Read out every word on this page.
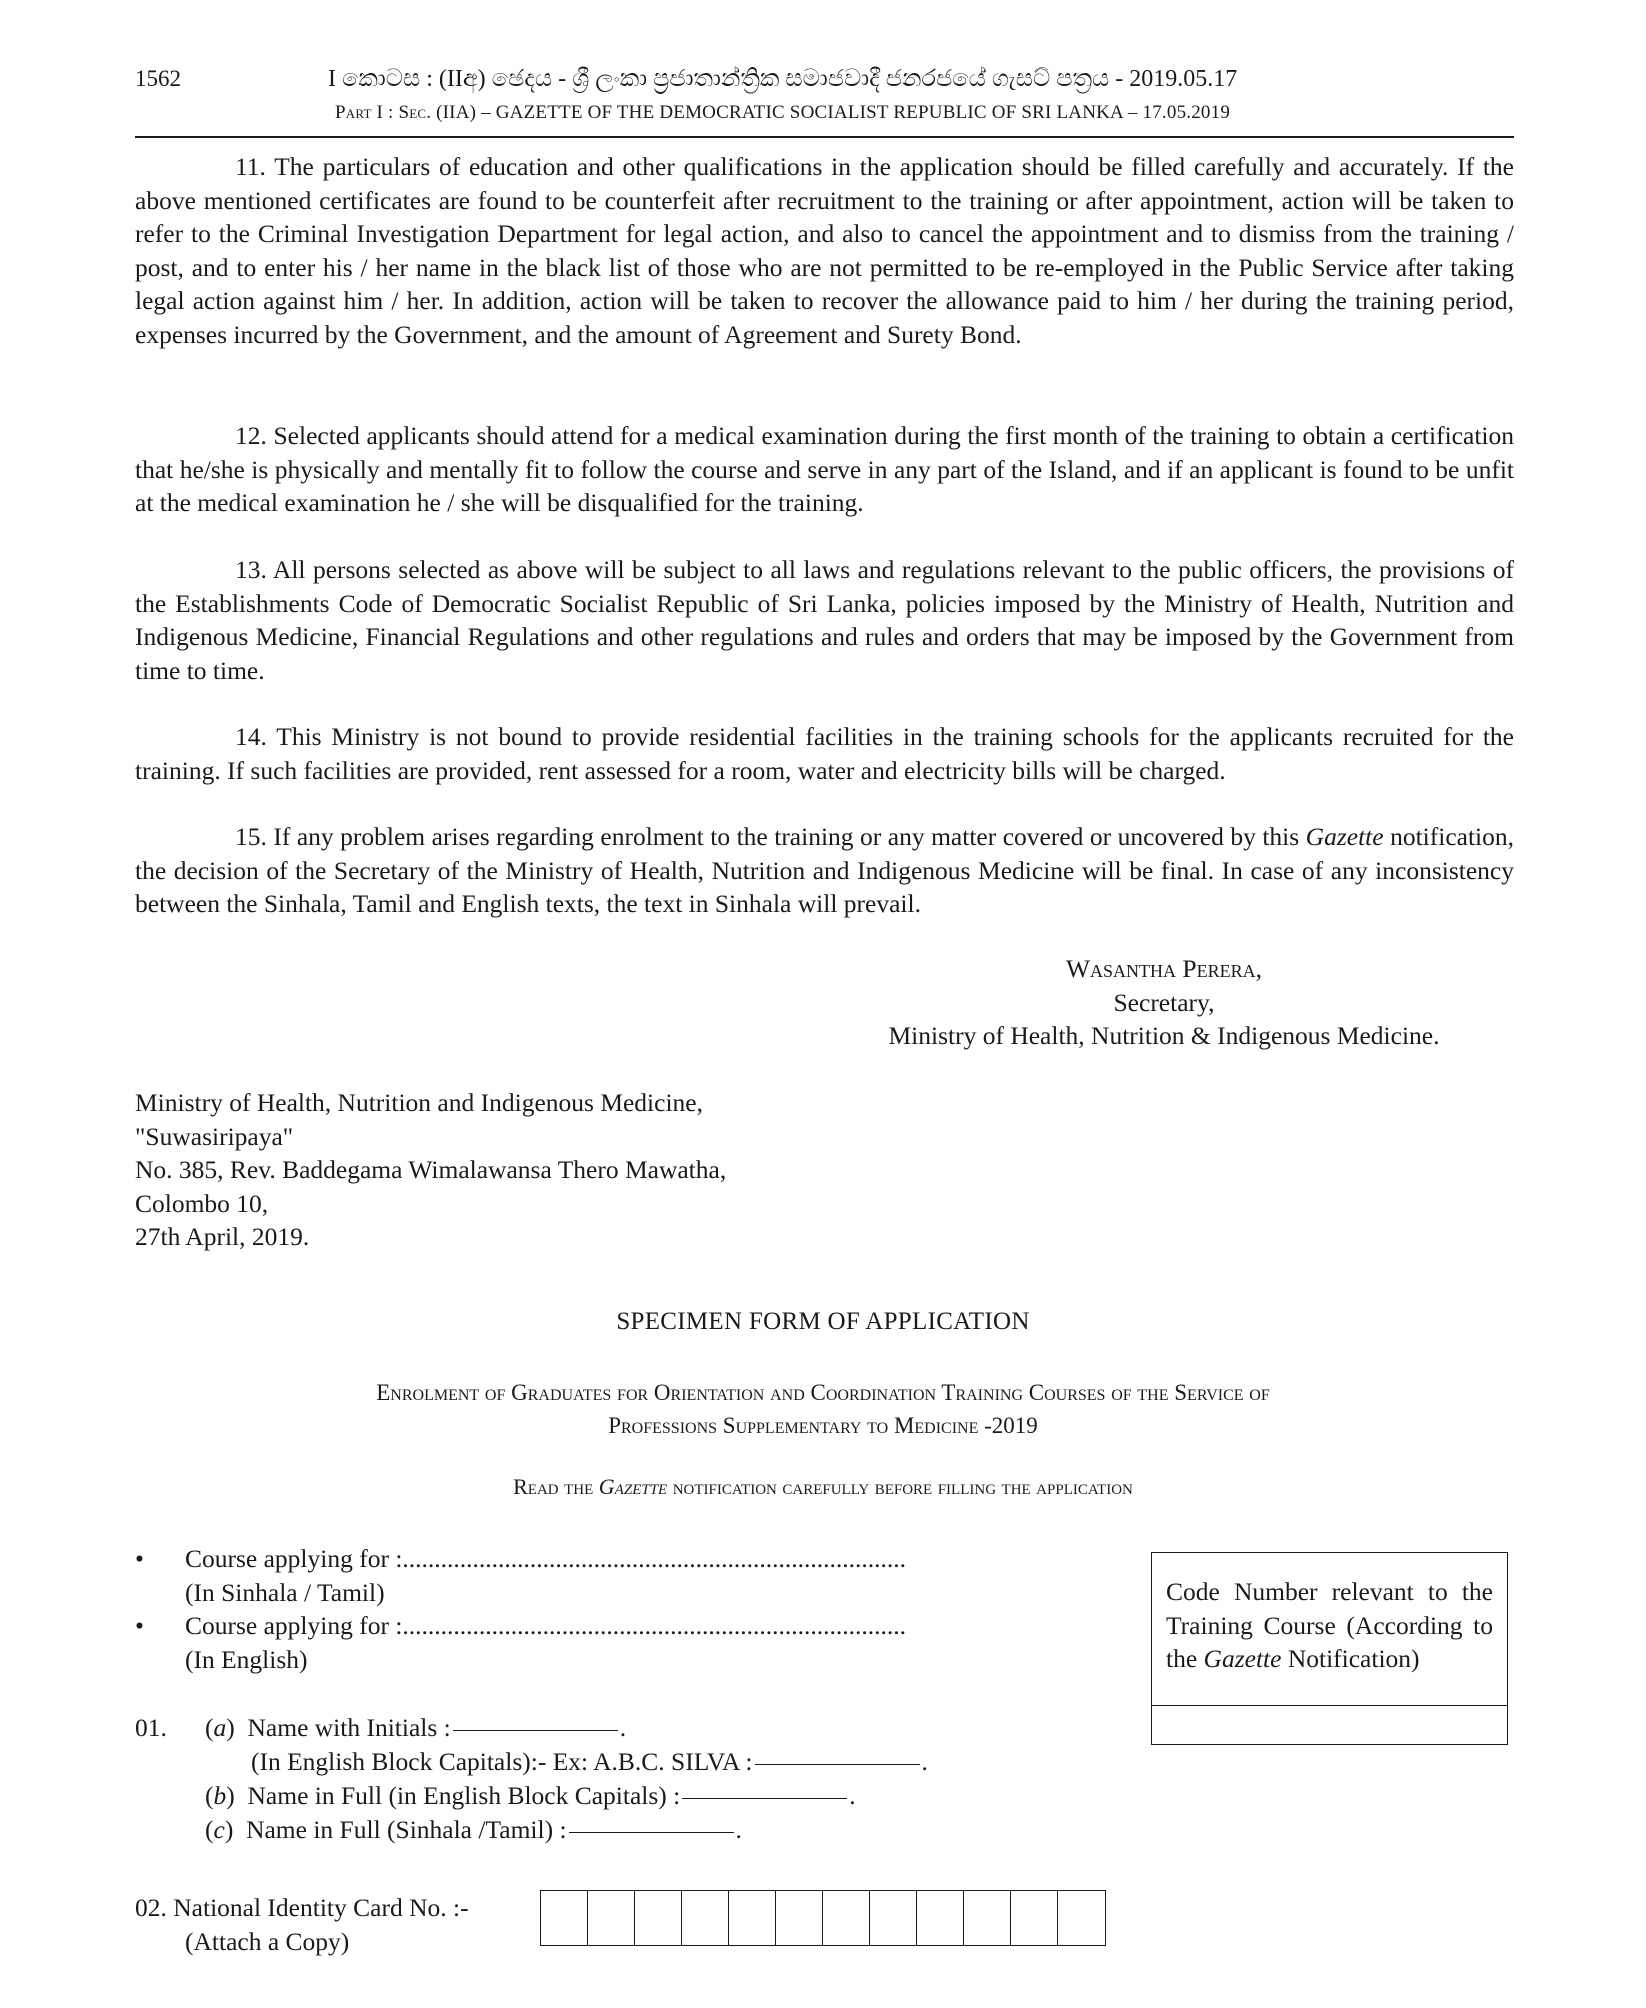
1562	I කොටස : (IIඅ) ඡෙදය - ශ්‍රී ලංකා ප්‍රජාතාන්ත්‍රික සමාජවාදී ජනරජයේ ගැසට් පත්‍රය - 2019.05.17
Part I : Sec. (IIA) – GAZETTE OF THE DEMOCRATIC SOCIALIST REPUBLIC OF SRI LANKA – 17.05.2019

11. The particulars of education and other qualifications in the application should be filled carefully and accurately. If the above mentioned certificates are found to be counterfeit after recruitment to the training or after appointment, action will be taken to refer to the Criminal Investigation Department for legal action, and also to cancel the appointment and to dismiss from the training / post, and to enter his / her name in the black list of those who are not permitted to be re-employed in the Public Service after taking legal action against him / her. In addition, action will be taken to recover the allowance paid to him / her during the training period, expenses incurred by the Government, and the amount of Agreement and Surety Bond.

12. Selected applicants should attend for a medical examination during the first month of the training to obtain a certification that he/she is physically and mentally fit to follow the course and serve in any part of the Island, and if an applicant is found to be unfit at the medical examination he / she will be disqualified for the training.

13. All persons selected as above will be subject to all laws and regulations relevant to the public officers, the provisions of the Establishments Code of Democratic Socialist Republic of Sri Lanka, policies imposed by the Ministry of Health, Nutrition and Indigenous Medicine, Financial Regulations and other regulations and rules and orders that may be imposed by the Government from time to time.

14. This Ministry is not bound to provide residential facilities in the training schools for the applicants recruited for the training. If such facilities are provided, rent assessed for a room, water and electricity bills will be charged.

15. If any problem arises regarding enrolment to the training or any matter covered or uncovered by this Gazette notification, the decision of the Secretary of the Ministry of Health, Nutrition and Indigenous Medicine will be final. In case of any inconsistency between the Sinhala, Tamil and English texts, the text in Sinhala will prevail.

Wasantha Perera,
Secretary,
Ministry of Health, Nutrition & Indigenous Medicine.
Ministry of Health, Nutrition and Indigenous Medicine,
"Suwasiripaya"
No. 385, Rev. Baddegama Wimalawansa Thero Mawatha,
Colombo 10,
27th April, 2019.
SPECIMEN FORM OF APPLICATION
Enrolment of Graduates for Orientation and Coordination Training Courses of the Service of
Professions Supplementary to Medicine -2019
Read the Gazette notification carefully before filling the application
• Course applying for :...............................................................................
(In Sinhala / Tamil)
• Course applying for :...............................................................................
(In English)
Code Number relevant to the Training Course (According to the Gazette Notification)
01. (a)  Name with Initials :	.
(In English Block Capitals):- Ex: A.B.C. SILVA :	.
(b)  Name in Full (in English Block Capitals) :	.
(c)  Name in Full (Sinhala /Tamil) :	.
02. National Identity Card No. :-
(Attach a Copy)
